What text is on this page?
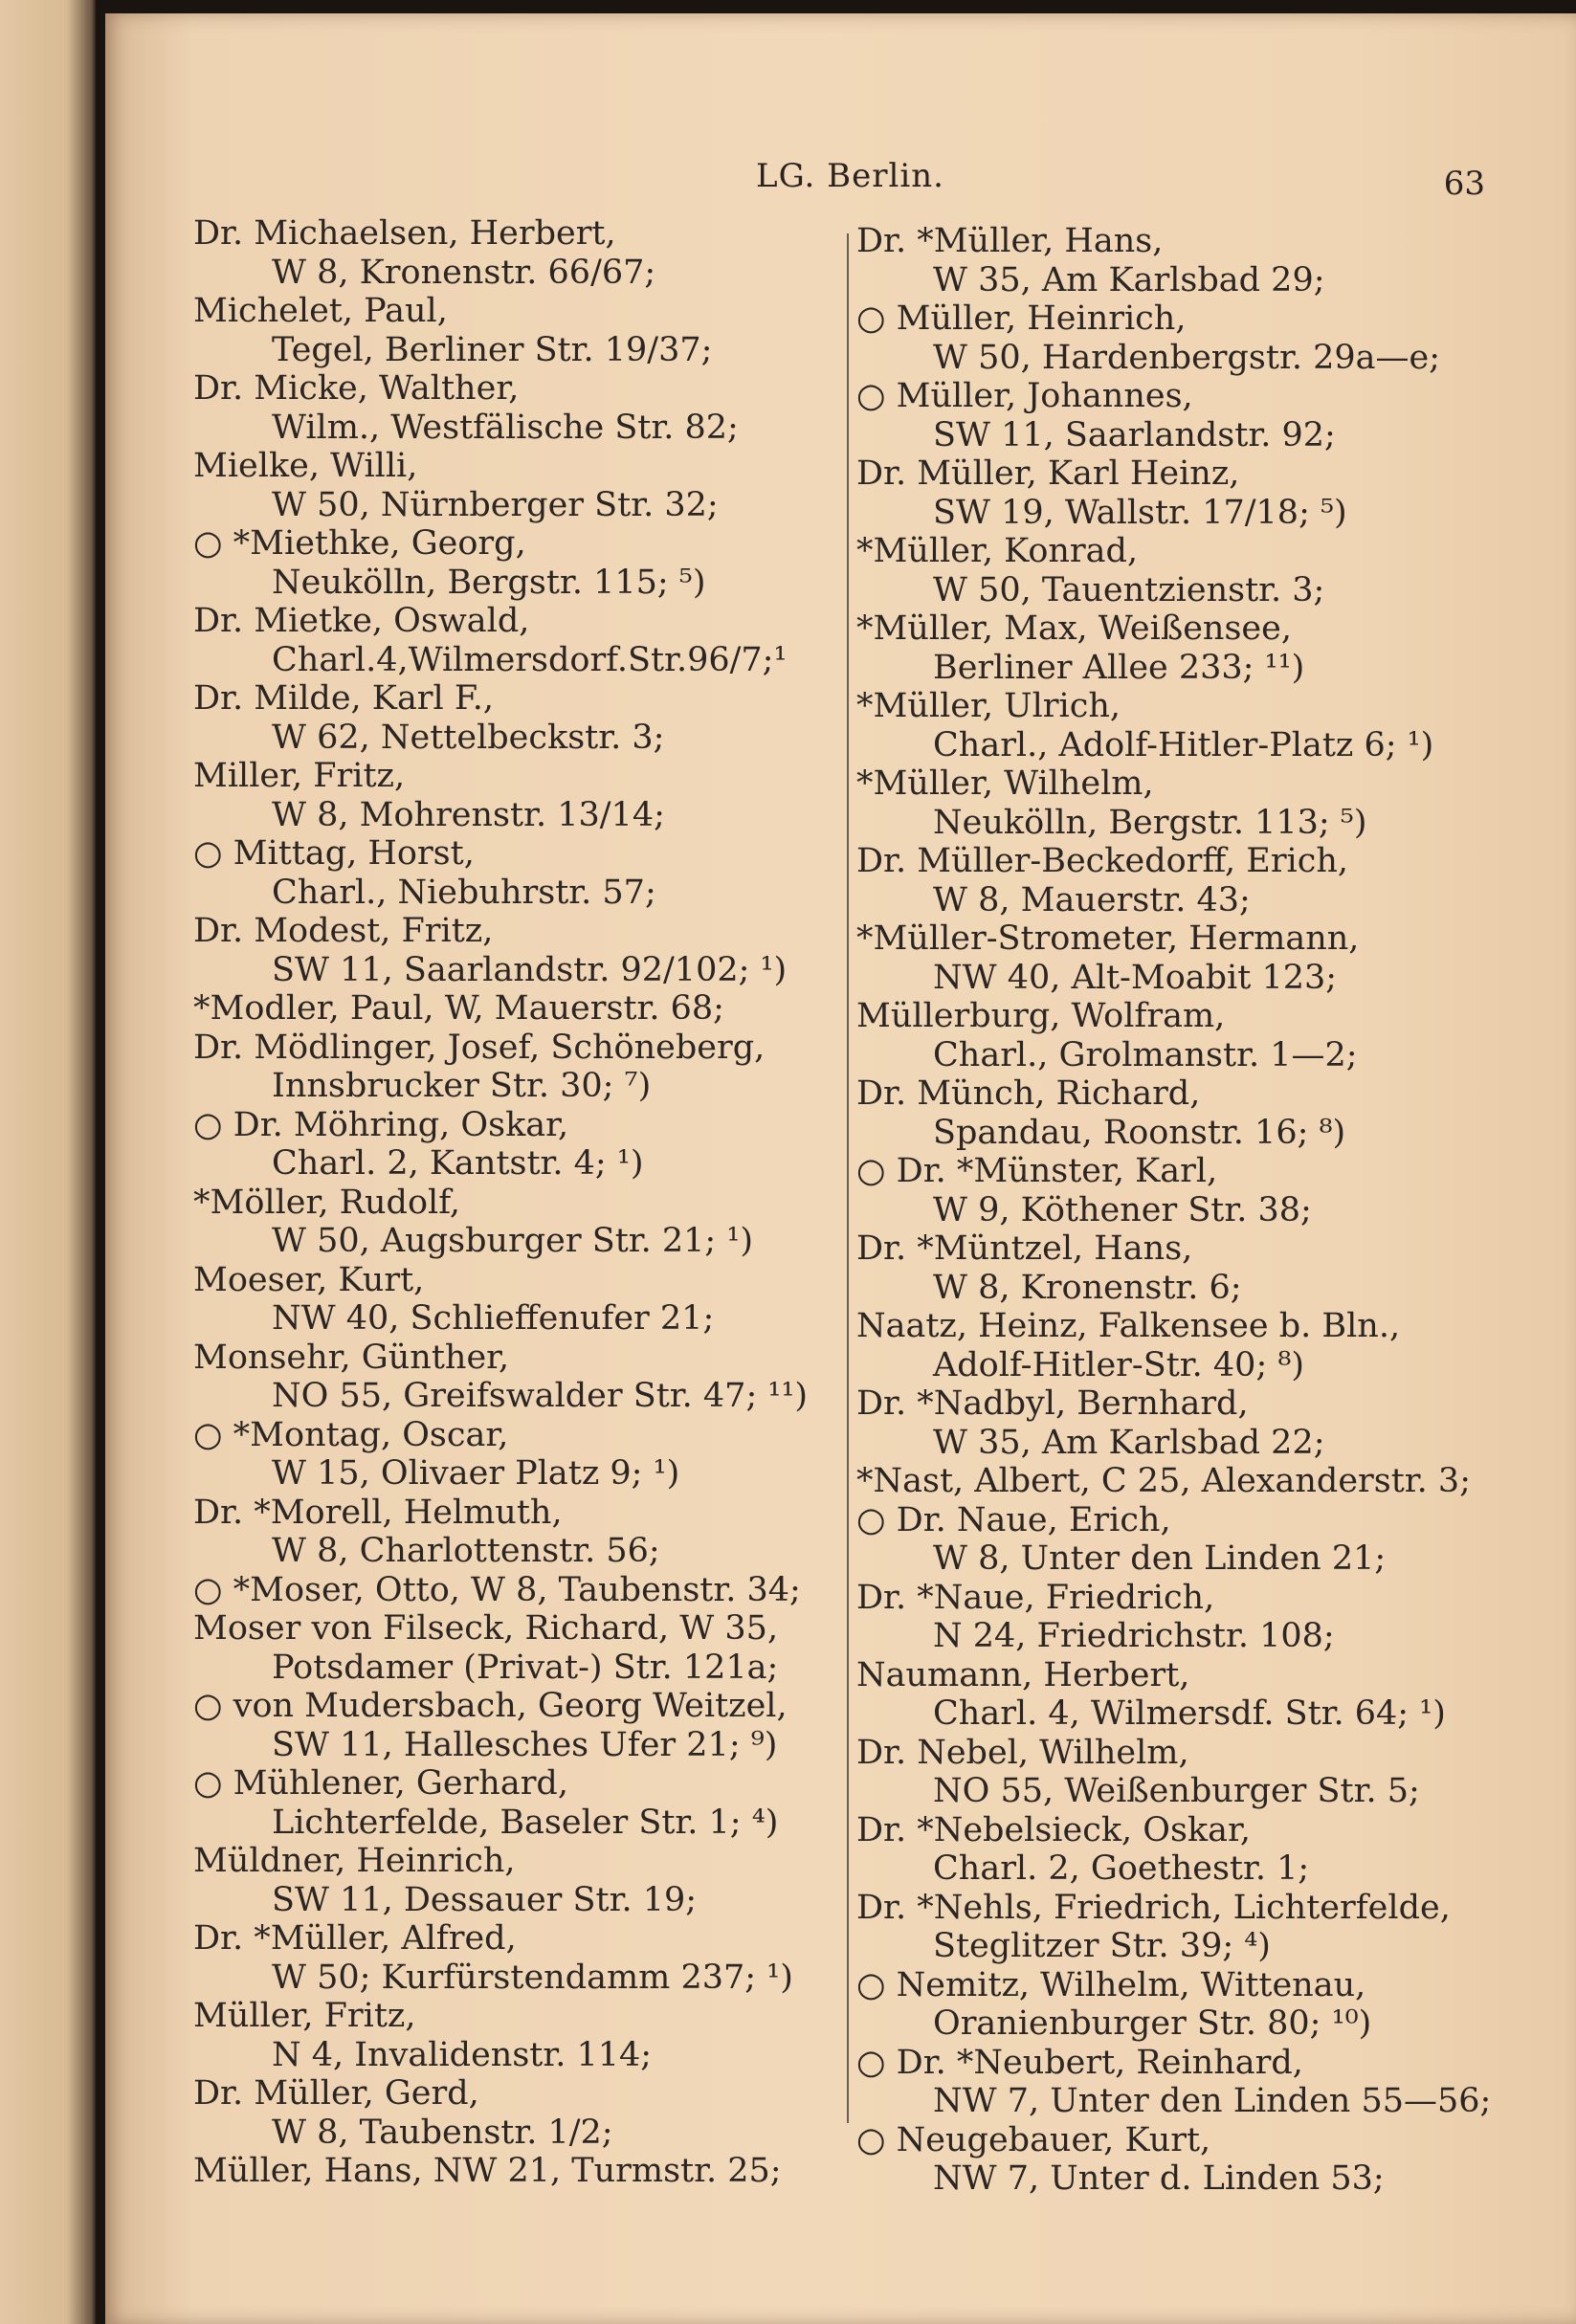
LG. Berlin.	63
Dr. Michaelsen, Herbert,
W 8, Kronenstr. 66/67;
Michelet, Paul,
Tegel, Berliner Str. 19/37;
Dr. Micke, Walther,
Wilm., Westfälische Str. 82;
Mielke, Willi,
W 50, Nürnberger Str. 32;
○ *Miethke, Georg,
Neukölln, Bergstr. 115; ⁵)
Dr. Mietke, Oswald,
Charl.4,Wilmersdorf.Str.96/7;¹
Dr. Milde, Karl F.,
W 62, Nettelbeckstr. 3;
Miller, Fritz,
W 8, Mohrenstr. 13/14;
○ Mittag, Horst,
Charl., Niebuhrstr. 57;
Dr. Modest, Fritz,
SW 11, Saarlandstr. 92/102; ¹)
*Modler, Paul, W, Mauerstr. 68;
Dr. Mödlinger, Josef, Schöneberg,
Innsbrucker Str. 30; ⁷)
○ Dr. Möhring, Oskar,
Charl. 2, Kantstr. 4; ¹)
*Möller, Rudolf,
W 50, Augsburger Str. 21; ¹)
Moeser, Kurt,
NW 40, Schlieffenufer 21;
Monsehr, Günther,
NO 55, Greifswalder Str. 47; ¹¹)
○ *Montag, Oscar,
W 15, Olivaer Platz 9; ¹)
Dr. *Morell, Helmuth,
W 8, Charlottenstr. 56;
○ *Moser, Otto, W 8, Taubenstr. 34;
Moser von Filseck, Richard, W 35,
Potsdamer (Privat-) Str. 121a;
○ von Mudersbach, Georg Weitzel,
SW 11, Hallesches Ufer 21; ⁹)
○ Mühlener, Gerhard,
Lichterfelde, Baseler Str. 1; ⁴)
Müldner, Heinrich,
SW 11, Dessauer Str. 19;
Dr. *Müller, Alfred,
W 50; Kurfürstendamm 237; ¹)
Müller, Fritz,
N 4, Invalidenstr. 114;
Dr. Müller, Gerd,
W 8, Taubenstr. 1/2;
Müller, Hans, NW 21, Turmstr. 25;
Dr. *Müller, Hans,
W 35, Am Karlsbad 29;
○ Müller, Heinrich,
W 50, Hardenbergstr. 29a—e;
○ Müller, Johannes,
SW 11, Saarlandstr. 92;
Dr. Müller, Karl Heinz,
SW 19, Wallstr. 17/18; ⁵)
*Müller, Konrad,
W 50, Tauentzienstr. 3;
*Müller, Max, Weißensee,
Berliner Allee 233; ¹¹)
*Müller, Ulrich,
Charl., Adolf-Hitler-Platz 6; ¹)
*Müller, Wilhelm,
Neukölln, Bergstr. 113; ⁵)
Dr. Müller-Beckedorff, Erich,
W 8, Mauerstr. 43;
*Müller-Strometer, Hermann,
NW 40, Alt-Moabit 123;
Müllerburg, Wolfram,
Charl., Grolmanstr. 1—2;
Dr. Münch, Richard,
Spandau, Roonstr. 16; ⁸)
○ Dr. *Münster, Karl,
W 9, Köthener Str. 38;
Dr. *Müntzel, Hans,
W 8, Kronenstr. 6;
Naatz, Heinz, Falkensee b. Bln.,
Adolf-Hitler-Str. 40; ⁸)
Dr. *Nadbyl, Bernhard,
W 35, Am Karlsbad 22;
*Nast, Albert, C 25, Alexanderstr. 3;
○ Dr. Naue, Erich,
W 8, Unter den Linden 21;
Dr. *Naue, Friedrich,
N 24, Friedrichstr. 108;
Naumann, Herbert,
Charl. 4, Wilmersdf. Str. 64; ¹)
Dr. Nebel, Wilhelm,
NO 55, Weißenburger Str. 5;
Dr. *Nebelsieck, Oskar,
Charl. 2, Goethestr. 1;
Dr. *Nehls, Friedrich, Lichterfelde,
Steglitzer Str. 39; ⁴)
○ Nemitz, Wilhelm, Wittenau,
Oranienburger Str. 80; ¹⁰)
○ Dr. *Neubert, Reinhard,
NW 7, Unter den Linden 55—56;
○ Neugebauer, Kurt,
NW 7, Unter d. Linden 53;
